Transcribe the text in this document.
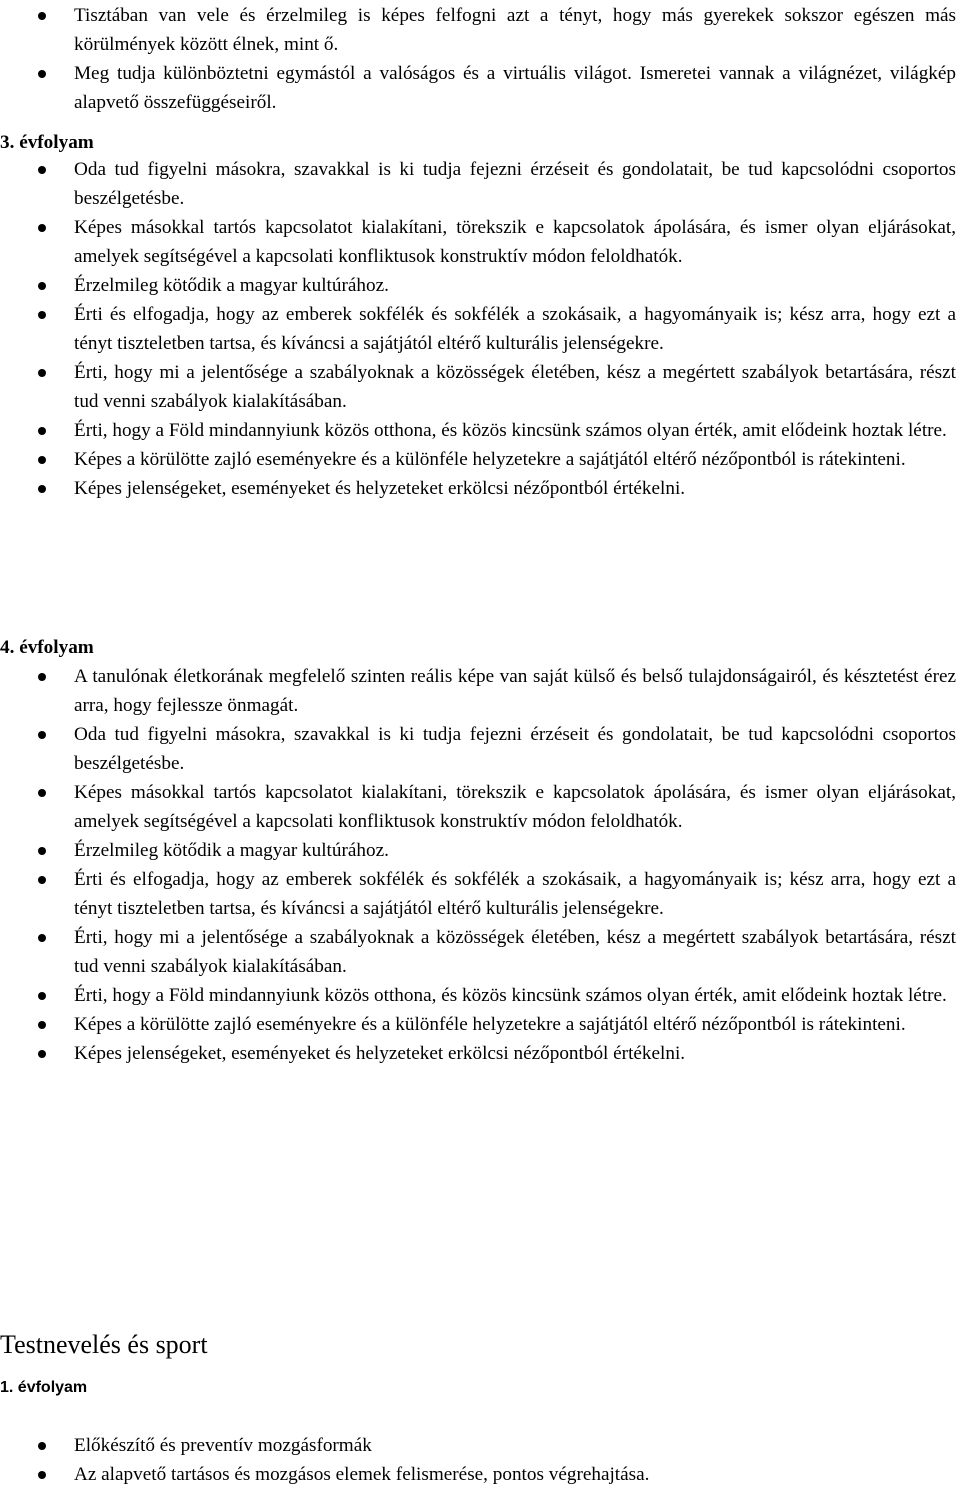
Tisztában van vele és érzelmileg is képes felfogni azt a tényt, hogy más gyerekek sokszor egészen más körülmények között élnek, mint ő.
Meg tudja különböztetni egymástól a valóságos és a virtuális világot. Ismeretei vannak a világnézet, világkép alapvető összefüggéseiről.

3. évfolyam

Oda tud figyelni másokra, szavakkal is ki tudja fejezni érzéseit és gondolatait, be tud kapcsolódni csoportos beszélgetésbe.
Képes másokkal tartós kapcsolatot kialakítani, törekszik e kapcsolatok ápolására, és ismer olyan eljárásokat, amelyek segítségével a kapcsolati konfliktusok konstruktív módon feloldhatók.
Érzelmileg kötődik a magyar kultúrához.
Érti és elfogadja, hogy az emberek sokfélék és sokfélék a szokásaik, a hagyományaik is; kész arra, hogy ezt a tényt tiszteletben tartsa, és kíváncsi a sajátjától eltérő kulturális jelenségekre.
Érti, hogy mi a jelentősége a szabályoknak a közösségek életében, kész a megértett szabályok betartására, részt tud venni szabályok kialakításában.
Érti, hogy a Föld mindannyiunk közös otthona, és közös kincsünk számos olyan érték, amit elődeink hoztak létre.
Képes a körülötte zajló eseményekre és a különféle helyzetekre a sajátjától eltérő nézőpontból is rátekinteni.
Képes jelenségeket, eseményeket és helyzeteket erkölcsi nézőpontból értékelni.

4. évfolyam

A tanulónak életkorának megfelelő szinten reális képe van saját külső és belső tulajdonságairól, és késztetést érez arra, hogy fejlessze önmagát.
Oda tud figyelni másokra, szavakkal is ki tudja fejezni érzéseit és gondolatait, be tud kapcsolódni csoportos beszélgetésbe.
Képes másokkal tartós kapcsolatot kialakítani, törekszik e kapcsolatok ápolására, és ismer olyan eljárásokat, amelyek segítségével a kapcsolati konfliktusok konstruktív módon feloldhatók.
Érzelmileg kötődik a magyar kultúrához.
Érti és elfogadja, hogy az emberek sokfélék és sokfélék a szokásaik, a hagyományaik is; kész arra, hogy ezt a tényt tiszteletben tartsa, és kíváncsi a sajátjától eltérő kulturális jelenségekre.
Érti, hogy mi a jelentősége a szabályoknak a közösségek életében, kész a megértett szabályok betartására, részt tud venni szabályok kialakításában.
Érti, hogy a Föld mindannyiunk közös otthona, és közös kincsünk számos olyan érték, amit elődeink hoztak létre.
Képes a körülötte zajló eseményekre és a különféle helyzetekre a sajátjától eltérő nézőpontból is rátekinteni.
Képes jelenségeket, eseményeket és helyzeteket erkölcsi nézőpontból értékelni.
Testnevelés és sport

1. évfolyam

Előkészítő és preventív mozgásformák
Az alapvető tartásos és mozgásos elemek felismerése, pontos végrehajtása.
